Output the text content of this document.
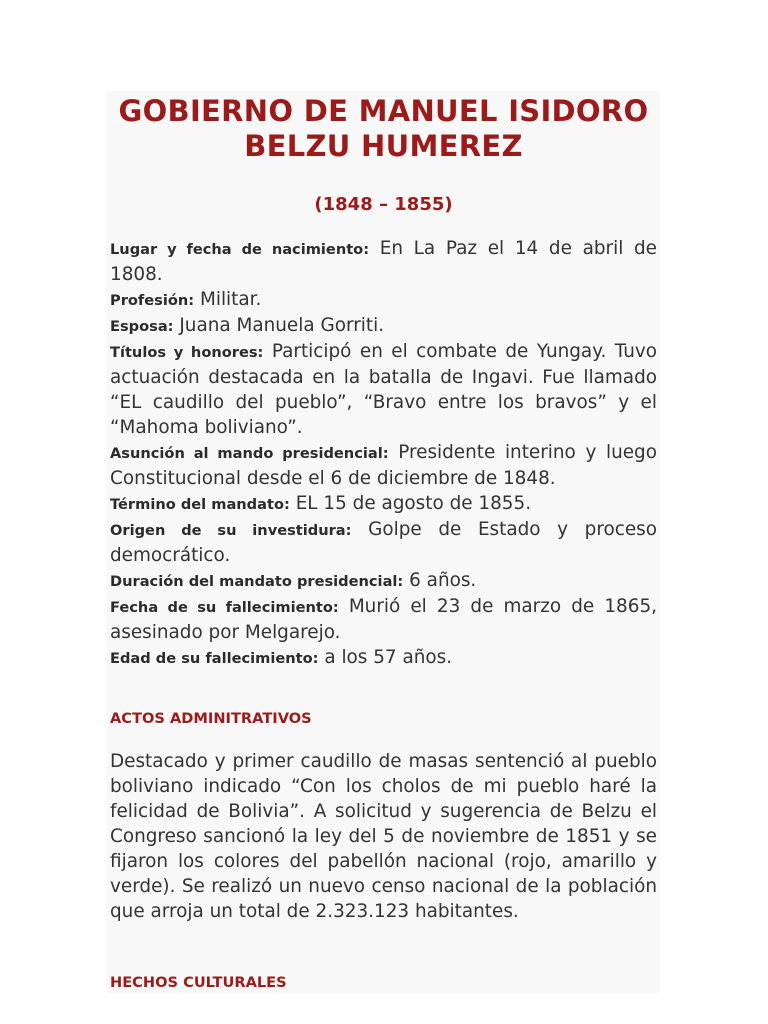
GOBIERNO DE MANUEL ISIDORO BELZU HUMEREZ
(1848 – 1855)

Lugar y fecha de nacimiento: En La Paz el 14 de abril de 1808.

Profesión: Militar.

Esposa: Juana Manuela Gorriti.

Títulos y honores: Participó en el combate de Yungay. Tuvo actuación destacada en la batalla de Ingavi. Fue llamado “EL caudillo del pueblo”, “Bravo entre los bravos” y el “Mahoma boliviano”.

Asunción al mando presidencial: Presidente interino y luego Constitucional desde el 6 de diciembre de 1848.

Término del mandato: EL 15 de agosto de 1855.

Origen de su investidura: Golpe de Estado y proceso democrático.

Duración del mandato presidencial: 6 años.

Fecha de su fallecimiento: Murió el 23 de marzo de 1865, asesinado por Melgarejo.

Edad de su fallecimiento: a los 57 años.

ACTOS ADMINITRATIVOS

Destacado y primer caudillo de masas sentenció al pueblo boliviano indicado “Con los cholos de mi pueblo haré la felicidad de Bolivia”. A solicitud y sugerencia de Belzu el Congreso sancionó la ley del 5 de noviembre de 1851 y se fijaron los colores del pabellón nacional (rojo, amarillo y verde). Se realizó un nuevo censo nacional de la población que arroja un total de 2.323.123 habitantes.

HECHOS CULTURALES
